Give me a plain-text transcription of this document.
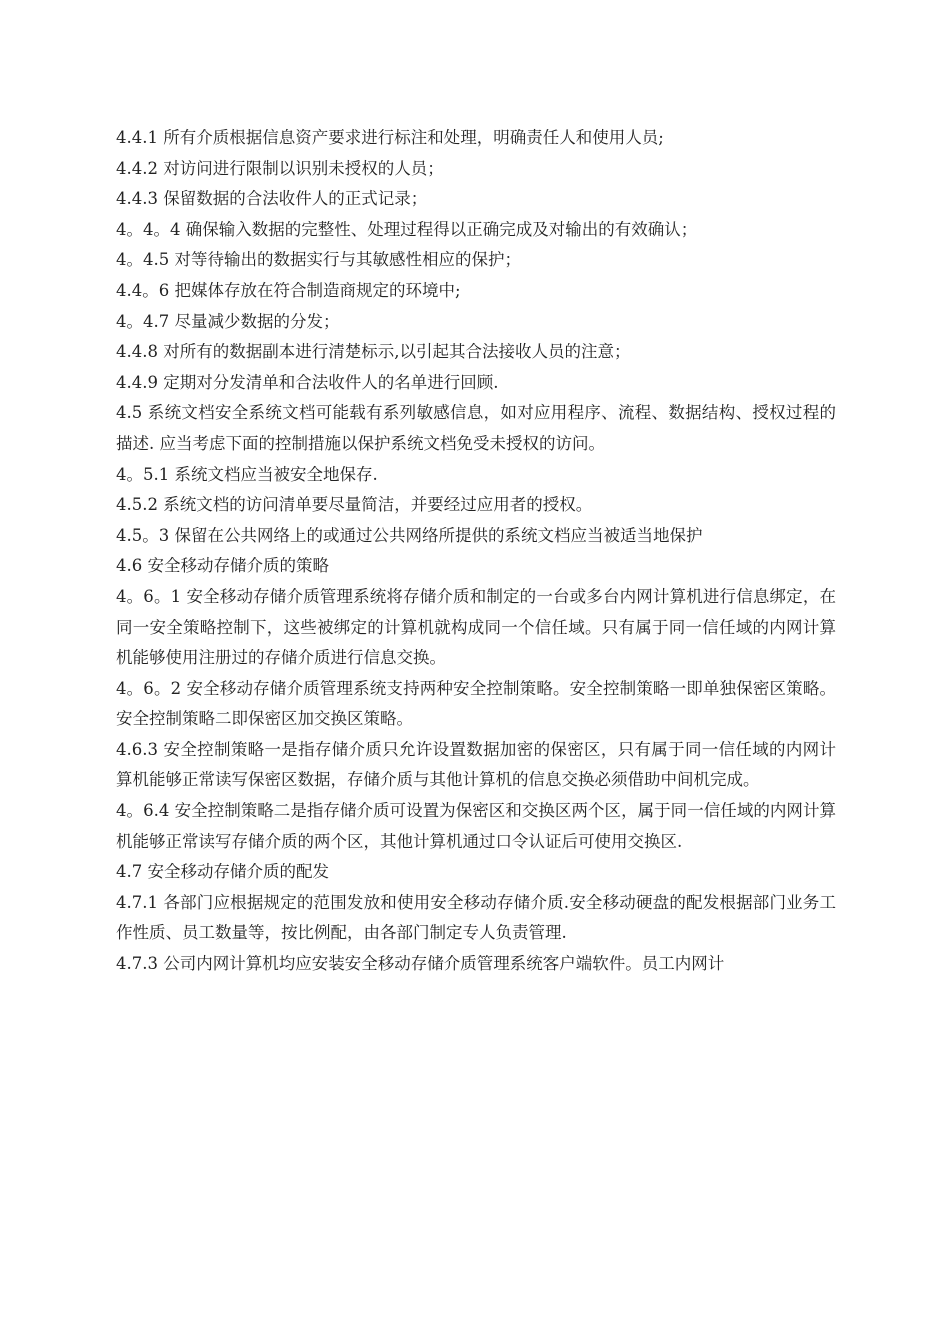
4.4.1 所有介质根据信息资产要求进行标注和处理，明确责任人和使用人员;

4.4.2 对访问进行限制以识别未授权的人员；

4.4.3 保留数据的合法收件人的正式记录；

4。4。4 确保输入数据的完整性、处理过程得以正确完成及对输出的有效确认；

4。4.5 对等待输出的数据实行与其敏感性相应的保护；

4.4。6 把媒体存放在符合制造商规定的环境中;

4。4.7 尽量减少数据的分发；

4.4.8 对所有的数据副本进行清楚标示,以引起其合法接收人员的注意；

4.4.9 定期对分发清单和合法收件人的名单进行回顾.

4.5 系统文档安全系统文档可能载有系列敏感信息，如对应用程序、流程、数据结构、授权过程的描述. 应当考虑下面的控制措施以保护系统文档免受未授权的访问。

4。5.1 系统文档应当被安全地保存.

4.5.2 系统文档的访问清单要尽量简洁，并要经过应用者的授权。

4.5。3 保留在公共网络上的或通过公共网络所提供的系统文档应当被适当地保护

4.6 安全移动存储介质的策略

4。6。1 安全移动存储介质管理系统将存储介质和制定的一台或多台内网计算机进行信息绑定，在同一安全策略控制下，这些被绑定的计算机就构成同一个信任域。只有属于同一信任域的内网计算机能够使用注册过的存储介质进行信息交换。

4。6。2 安全移动存储介质管理系统支持两种安全控制策略。安全控制策略一即单独保密区策略。安全控制策略二即保密区加交换区策略。

4.6.3 安全控制策略一是指存储介质只允许设置数据加密的保密区，只有属于同一信任域的内网计算机能够正常读写保密区数据，存储介质与其他计算机的信息交换必须借助中间机完成。

4。6.4 安全控制策略二是指存储介质可设置为保密区和交换区两个区，属于同一信任域的内网计算机能够正常读写存储介质的两个区，其他计算机通过口令认证后可使用交换区.

4.7 安全移动存储介质的配发

4.7.1 各部门应根据规定的范围发放和使用安全移动存储介质.安全移动硬盘的配发根据部门业务工作性质、员工数量等，按比例配，由各部门制定专人负责管理.

4.7.3 公司内网计算机均应安装安全移动存储介质管理系统客户端软件。员工内网计
